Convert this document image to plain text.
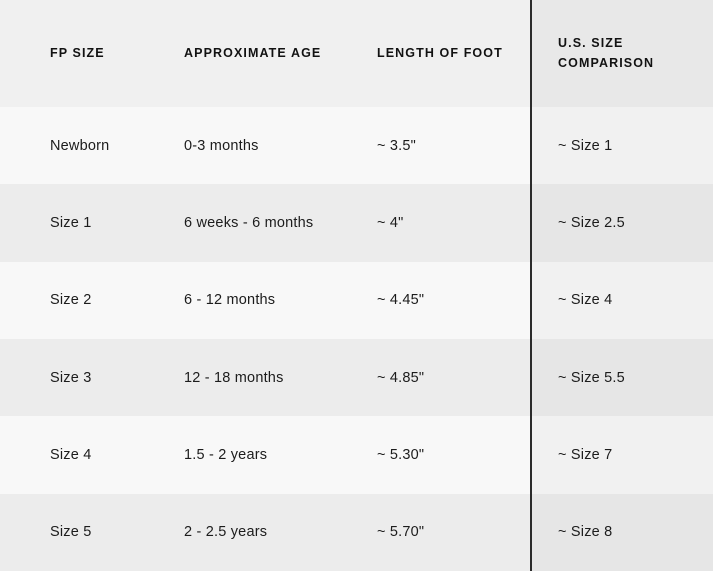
FP SIZE	APPROXIMATE AGE	LENGTH OF FOOT	U.S. SIZE COMPARISON
Newborn	0-3 months	~ 3.5"	~ Size 1
Size 1	6 weeks - 6 months	~ 4"	~ Size 2.5
Size 2	6 - 12 months	~ 4.45"	~ Size 4
Size 3	12 - 18 months	~ 4.85"	~ Size 5.5
Size 4	1.5 - 2 years	~ 5.30"	~ Size 7
Size 5	2 - 2.5 years	~ 5.70"	~ Size 8
